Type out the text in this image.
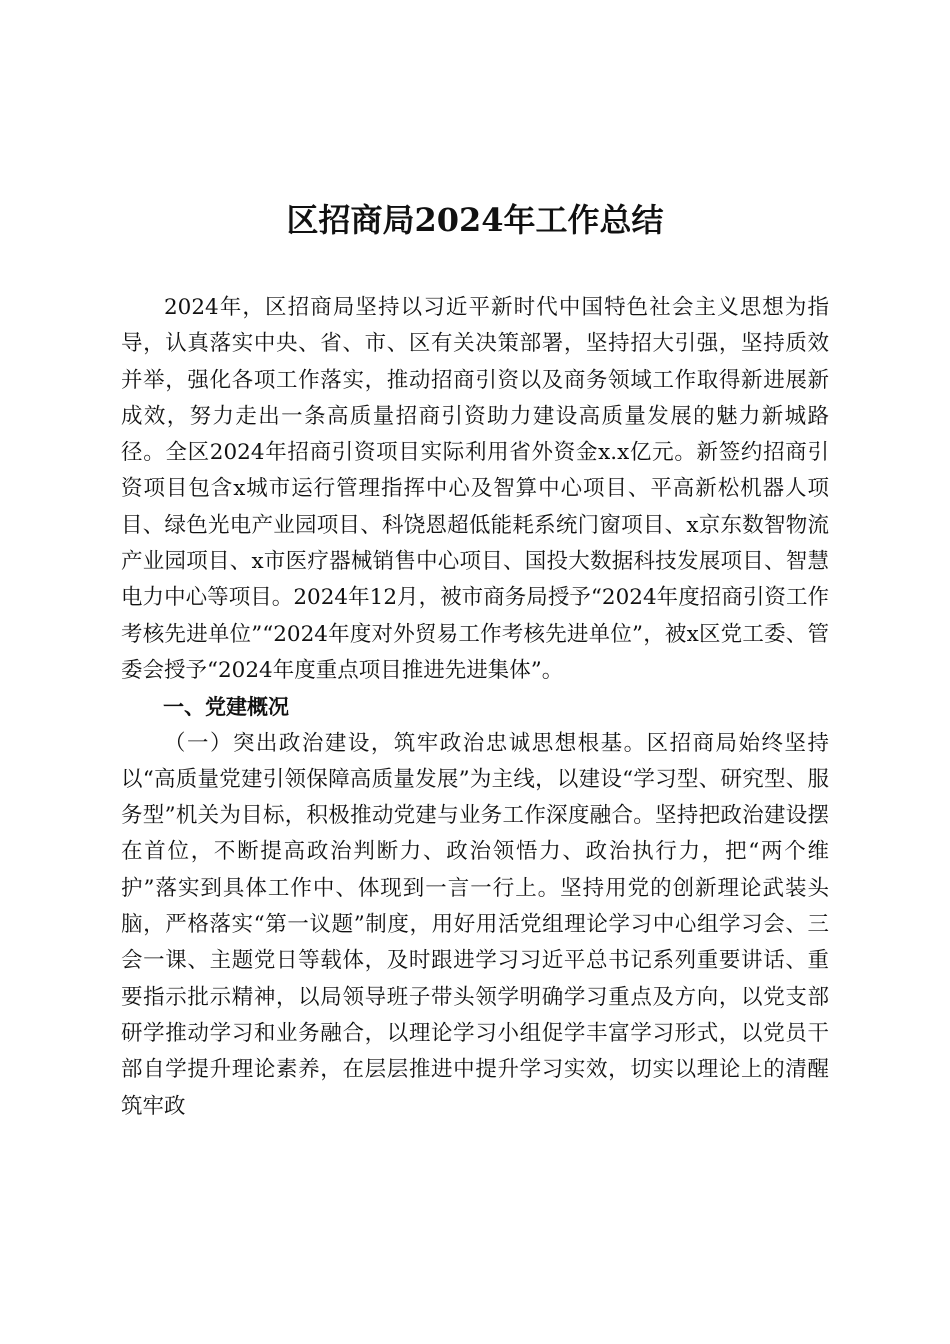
区招商局2024年工作总结

2024年，区招商局坚持以习近平新时代中国特色社会主义思想为指导，认真落实中央、省、市、区有关决策部署，坚持招大引强，坚持质效并举，强化各项工作落实，推动招商引资以及商务领域工作取得新进展新成效，努力走出一条高质量招商引资助力建设高质量发展的魅力新城路径。全区2024年招商引资项目实际利用省外资金x.x亿元。新签约招商引资项目包含x城市运行管理指挥中心及智算中心项目、平高新松机器人项目、绿色光电产业园项目、科饶恩超低能耗系统门窗项目、x京东数智物流产业园项目、x市医疗器械销售中心项目、国投大数据科技发展项目、智慧电力中心等项目。2024年12月，被市商务局授予“2024年度招商引资工作考核先进单位”“2024年度对外贸易工作考核先进单位”，被x区党工委、管委会授予“2024年度重点项目推进先进集体”。

一、党建概况

（一）突出政治建设，筑牢政治忠诚思想根基。区招商局始终坚持以“高质量党建引领保障高质量发展”为主线，以建设“学习型、研究型、服务型”机关为目标，积极推动党建与业务工作深度融合。坚持把政治建设摆在首位，不断提高政治判断力、政治领悟力、政治执行力，把“两个维护”落实到具体工作中、体现到一言一行上。坚持用党的创新理论武装头脑，严格落实“第一议题”制度，用好用活党组理论学习中心组学习会、三会一课、主题党日等载体，及时跟进学习习近平总书记系列重要讲话、重要指示批示精神，以局领导班子带头领学明确学习重点及方向，以党支部研学推动学习和业务融合，以理论学习小组促学丰富学习形式，以党员干部自学提升理论素养，在层层推进中提升学习实效，切实以理论上的清醒筑牢政
